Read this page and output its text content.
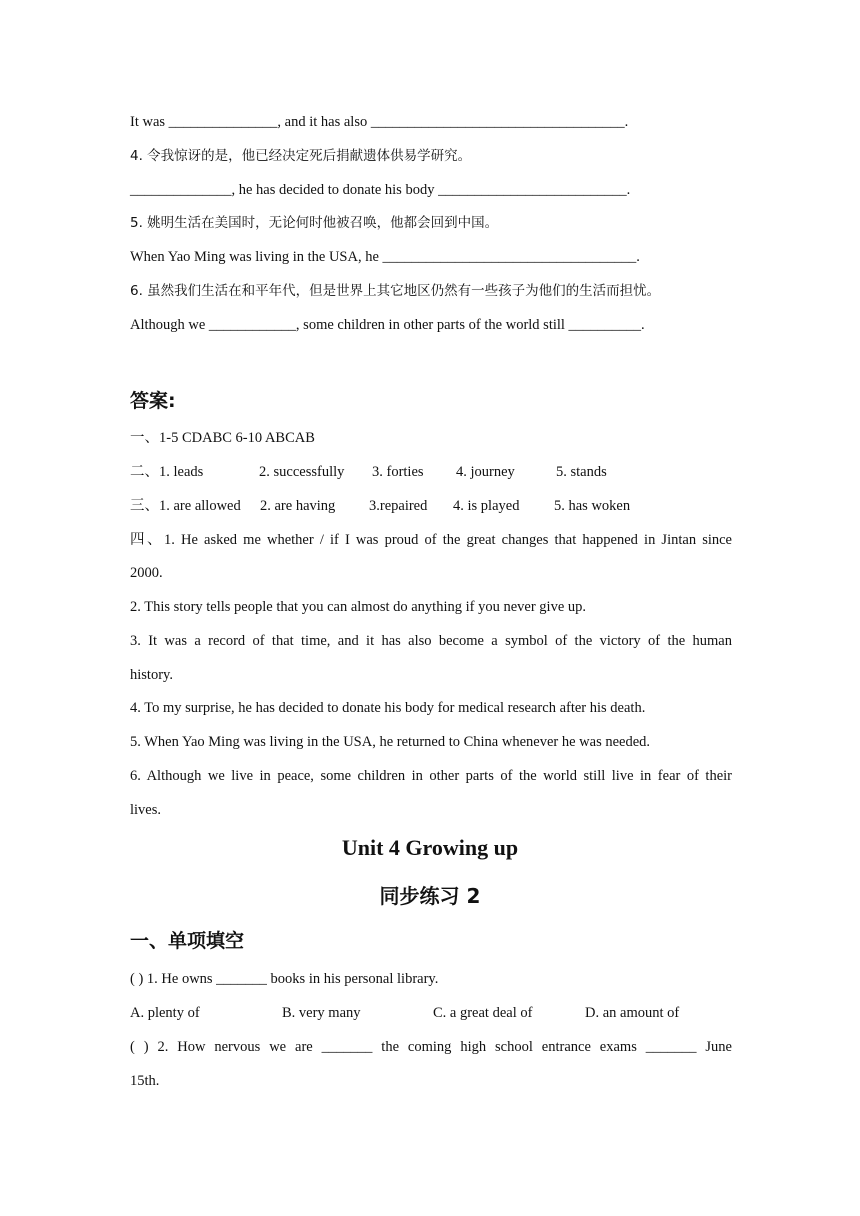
It was _______________, and it has also ___________________________________.
4. 令我惊讶的是，他已经决定死后捐献遗体供易学研究。
______________, he has decided to donate his body __________________________.
5. 姚明生活在美国时，无论何时他被召唤，他都会回到中国。
When Yao Ming was living in the USA, he ___________________________________.
6. 虽然我们生活在和平年代，但是世界上其它地区仍然有一些孩子为他们的生活而担忧。
Although we ____________, some children in other parts of the world still __________.
答案:
一、1-5 CDABC 6-10 ABCAB
二、1. leads	2. successfully	3. forties	4. journey	5. stands
三、1. are allowed	2. are having	3.repaired	4. is played	5. has woken
四、1. He asked me whether / if I was proud of the great changes that happened in Jintan since
2000.
2. This story tells people that you can almost do anything if you never give up.
3. It was a record of that time, and it has also become a symbol of the victory of the human
history.
4. To my surprise, he has decided to donate his body for medical research after his death.
5. When Yao Ming was living in the USA, he returned to China whenever he was needed.
6. Although we live in peace, some children in other parts of the world still live in fear of their
lives.
Unit 4 Growing up
同步练习 2
一、单项填空
( ) 1. He owns _______ books in his personal library.
A. plenty of	B. very many	C. a great deal of	D. an amount of
( ) 2. How nervous we are _______ the coming high school entrance exams _______ June
15th.
